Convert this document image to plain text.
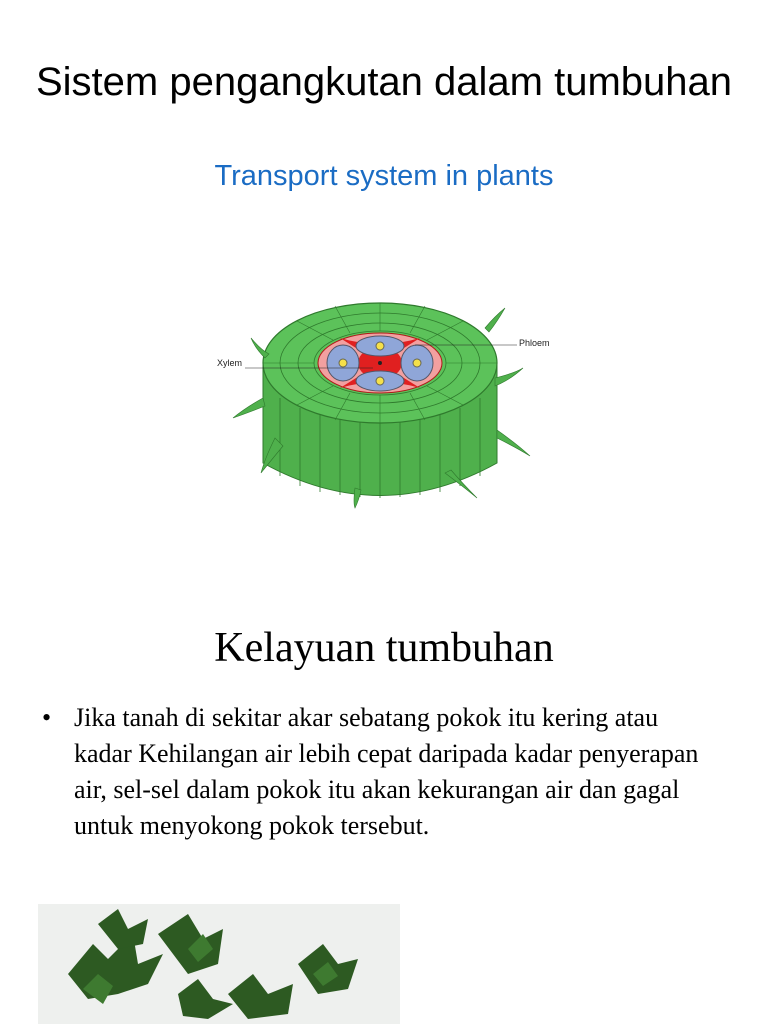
Sistem pengangkutan dalam tumbuhan
Transport system in plants
Xylem
Phloem
Kelayuan tumbuhan
• Jika tanah di sekitar akar sebatang pokok itu kering atau kadar Kehilangan air lebih cepat daripada kadar penyerapan air, sel-sel dalam pokok itu akan kekurangan air dan gagal untuk menyokong pokok tersebut.
